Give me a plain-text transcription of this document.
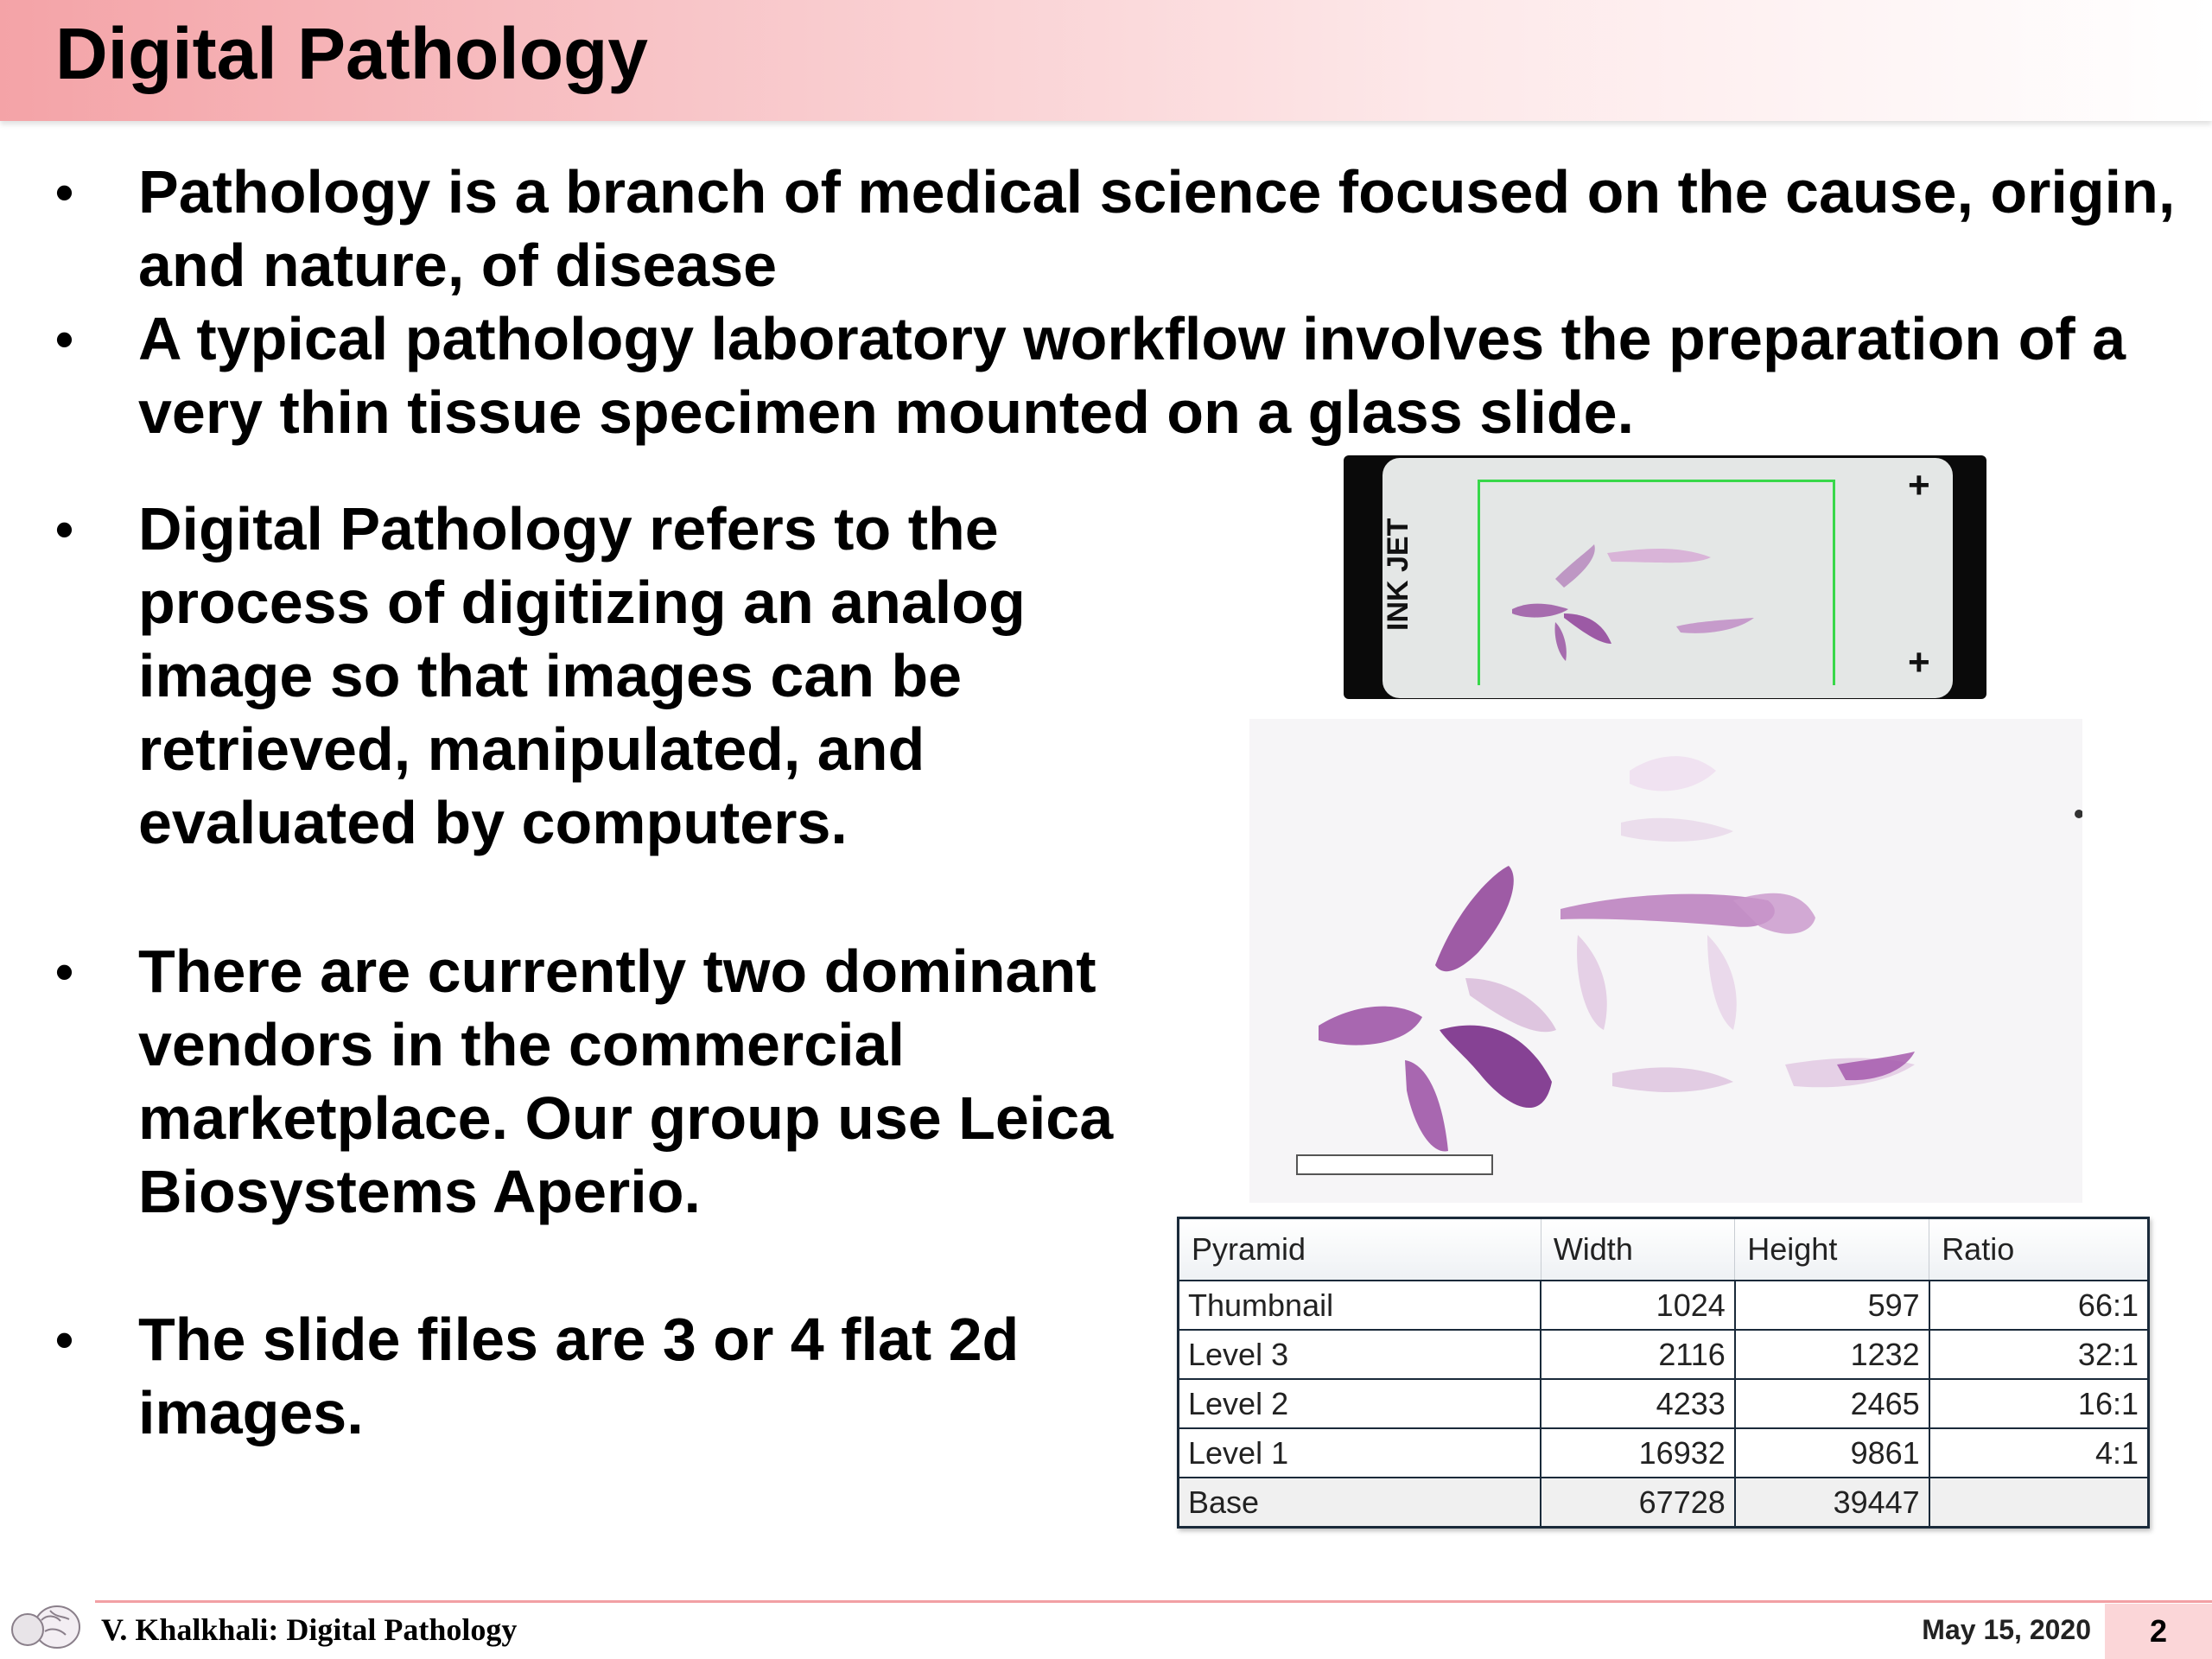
Digital Pathology
• Pathology is a branch of medical science focused on the cause, origin, and nature, of disease
• A typical pathology laboratory workflow involves the preparation of a very thin tissue specimen mounted on a glass slide.
• Digital Pathology refers to the process of digitizing an analog image so that images can be retrieved, manipulated, and evaluated by computers.
• There are currently two dominant vendors in the commercial marketplace. Our group use Leica Biosystems Aperio.
• The slide files are 3 or 4 flat 2d images.
INK JET
+
+
Pyramid	Width	Height	Ratio
Thumbnail	1024	597	66:1
Level 3	2116	1232	32:1
Level 2	4233	2465	16:1
Level 1	16932	9861	4:1
Base	67728	39447	
V. Khalkhali: Digital Pathology	May 15, 2020	2
